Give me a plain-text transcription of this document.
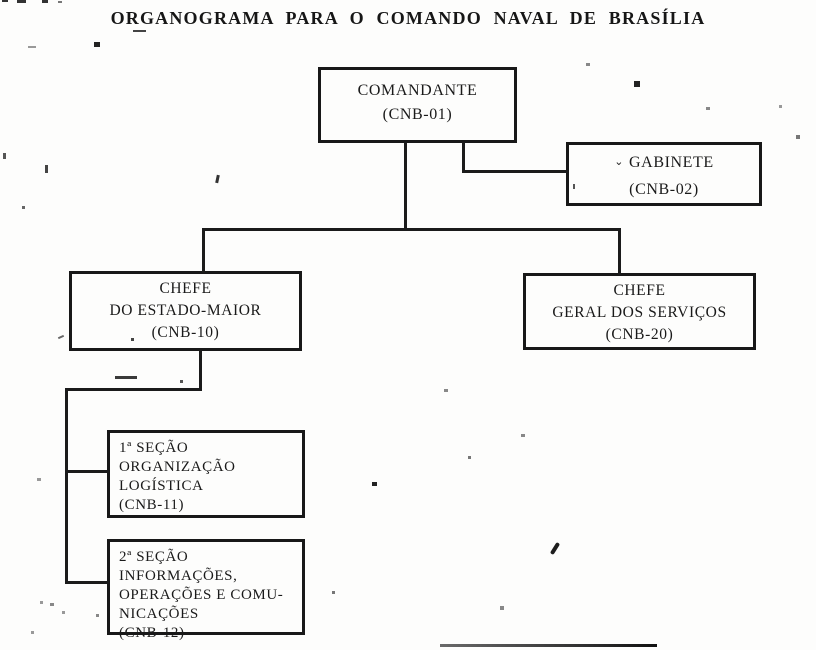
ORGANOGRAMA PARA O COMANDO NAVAL DE BRASÍLIA
COMANDANTE
(CNB-01)
⌄ GABINETE
(CNB-02)
CHEFE
DO ESTADO-MAIOR
(CNB-10)
CHEFE
GERAL DOS SERVIÇOS
(CNB-20)
1ª SEÇÃO
ORGANIZAÇÃO
LOGÍSTICA
(CNB-11)
2ª SEÇÃO
INFORMAÇÕES,
OPERAÇÕES E COMU-
NICAÇÕES
(CNB-12)
